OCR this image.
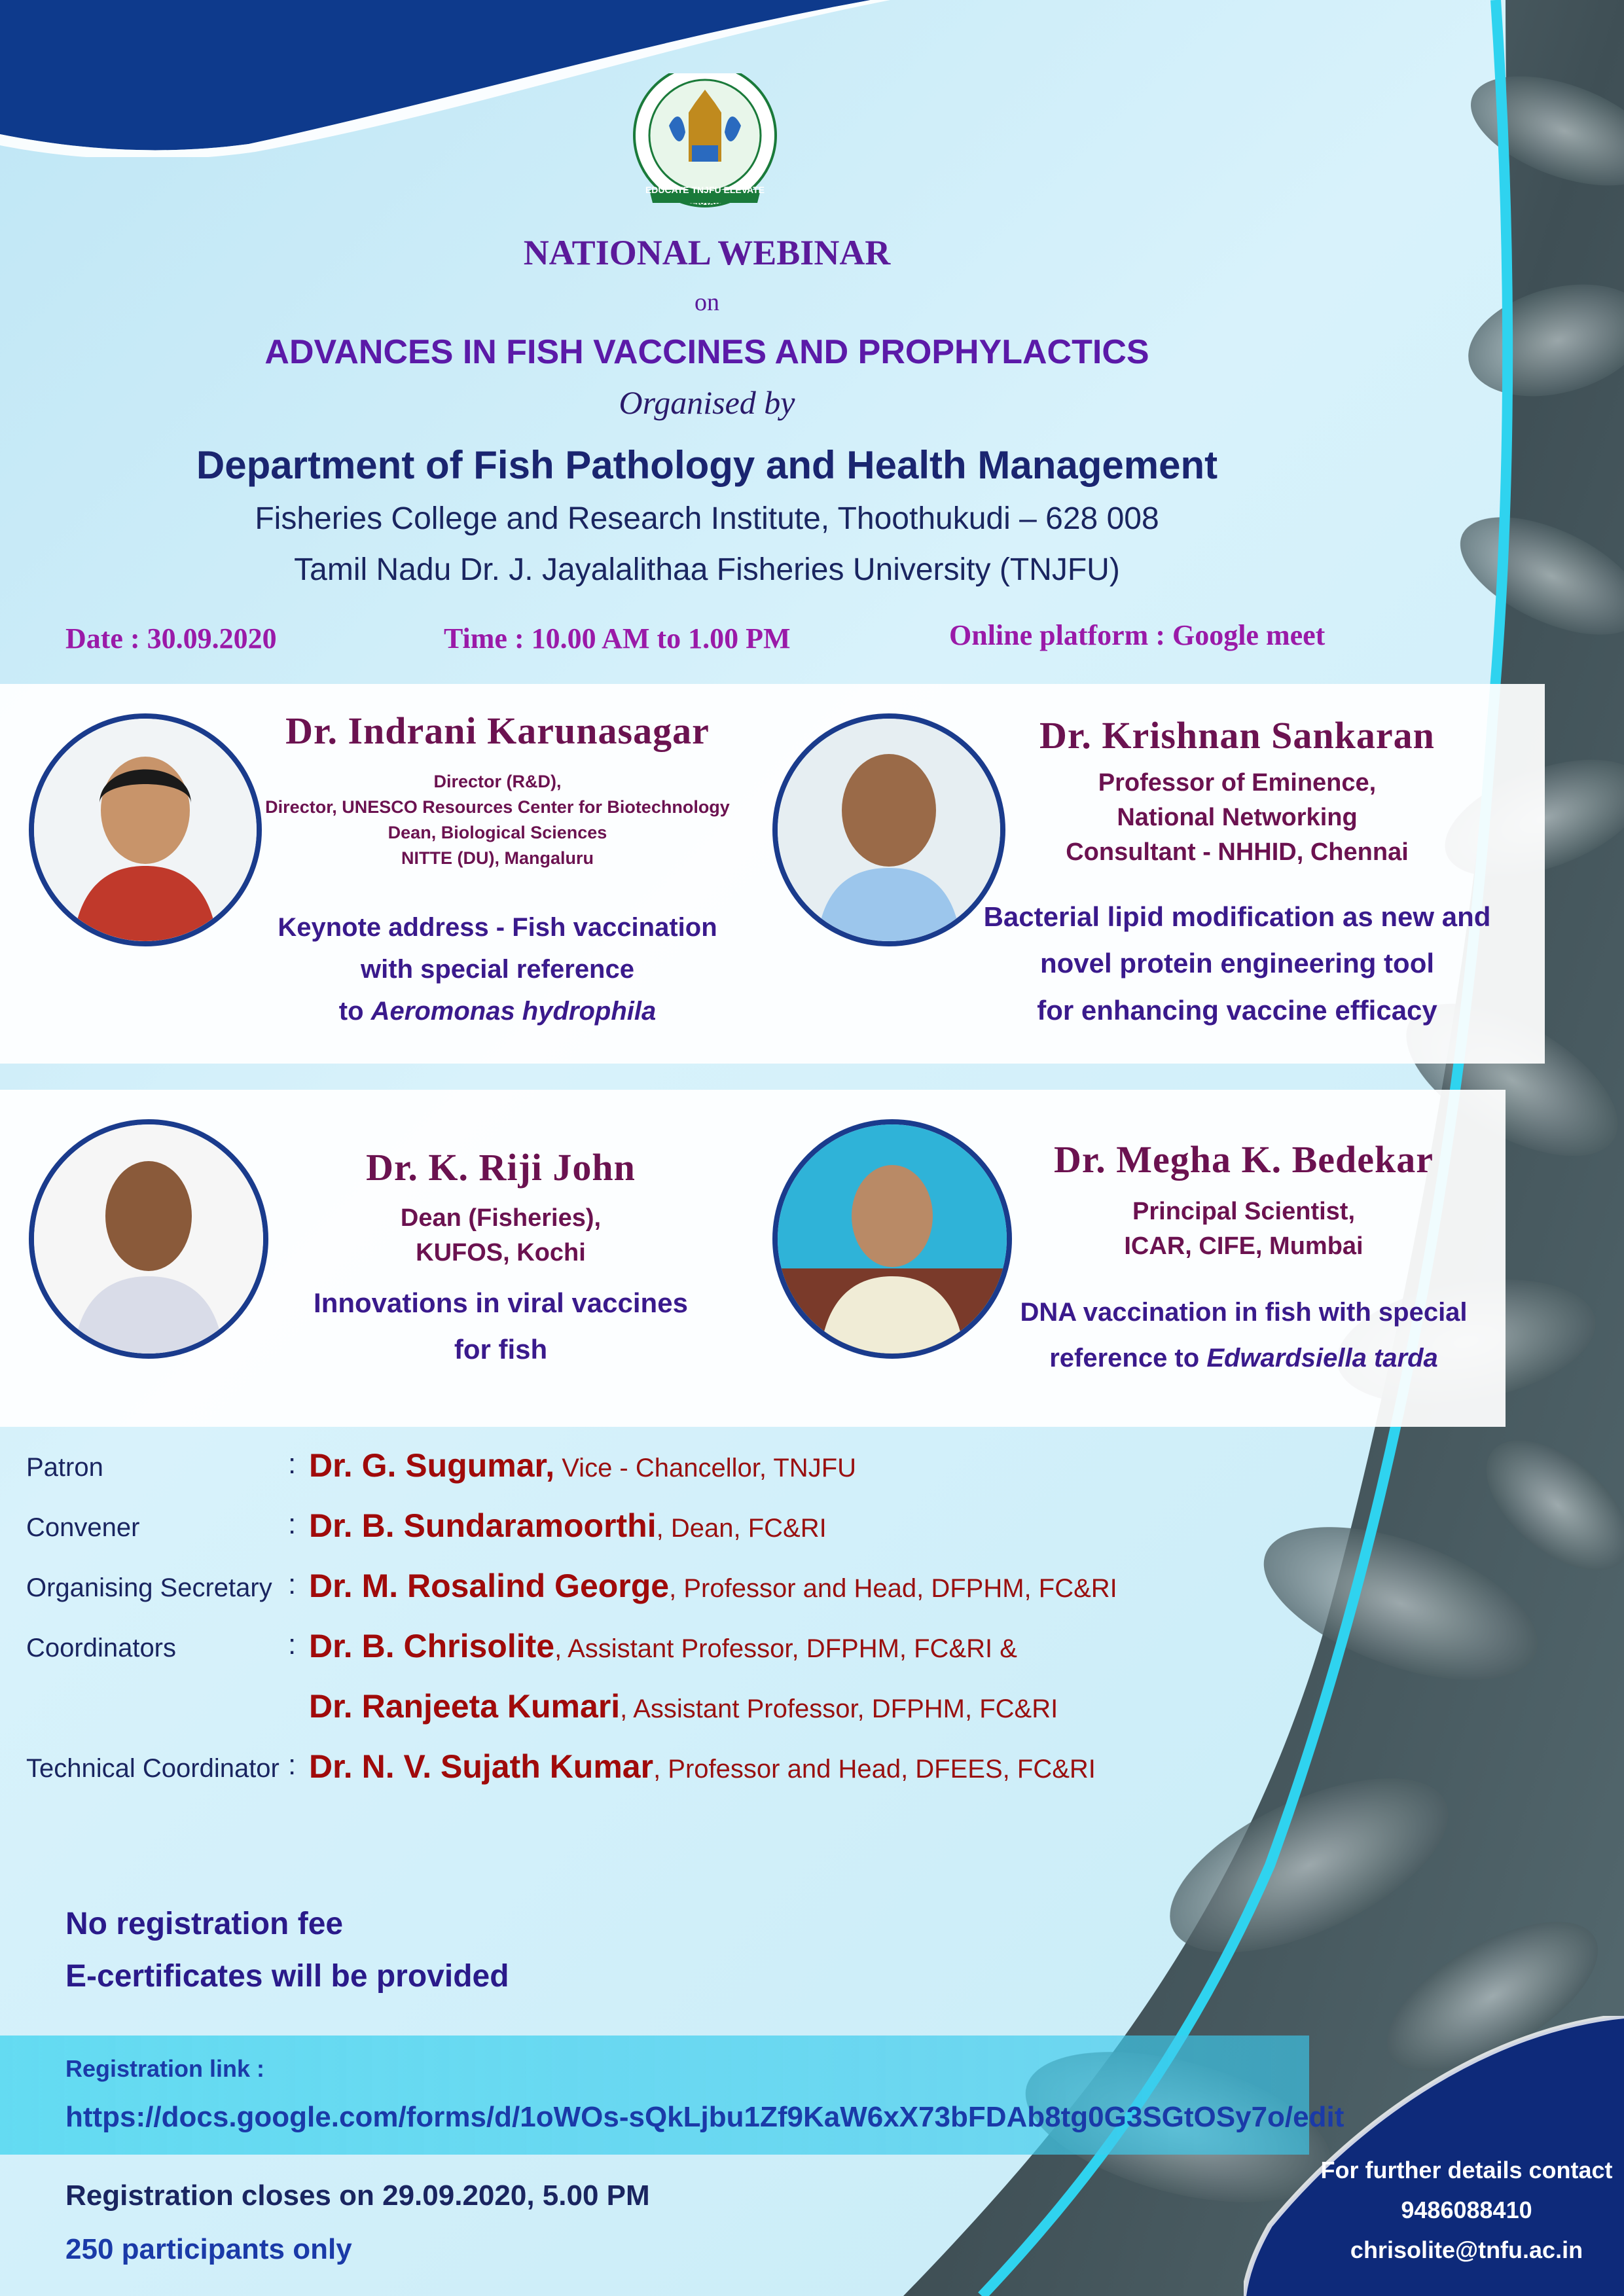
EDUCATE TNJFU ELEVATE
INNOVATE
NATIONAL WEBINAR
on
ADVANCES IN FISH VACCINES AND PROPHYLACTICS
Organised by
Department of Fish Pathology and Health Management
Fisheries College and Research Institute, Thoothukudi – 628 008
Tamil Nadu Dr. J. Jayalalithaa Fisheries University (TNJFU)
Date : 30.09.2020	Time : 10.00 AM to 1.00 PM	Online platform : Google meet
Dr. Indrani Karunasagar
Director (R&D),
Director, UNESCO Resources Center for Biotechnology
Dean, Biological Sciences
NITTE (DU), Mangaluru
Keynote address - Fish vaccination
with special reference
to Aeromonas hydrophila
Dr. Krishnan Sankaran
Professor of Eminence,
National Networking
Consultant - NHHID, Chennai
Bacterial lipid modification as new and
novel protein engineering tool
for enhancing vaccine efficacy
Dr. K. Riji John
Dean (Fisheries),
KUFOS, Kochi
Innovations in viral vaccines
for fish
Dr. Megha K. Bedekar
Principal Scientist,
ICAR, CIFE, Mumbai
DNA vaccination in fish with special
reference to Edwardsiella tarda
Patron	: Dr. G. Sugumar, Vice - Chancellor, TNJFU
Convener	: Dr. B. Sundaramoorthi, Dean, FC&RI
Organising Secretary : Dr. M. Rosalind George, Professor and Head, DFPHM, FC&RI
Coordinators	: Dr. B. Chrisolite, Assistant Professor, DFPHM, FC&RI &
Dr. Ranjeeta Kumari, Assistant Professor, DFPHM, FC&RI
Technical Coordinator : Dr. N. V. Sujath Kumar, Professor and Head, DFEES, FC&RI
No registration fee
E-certificates will be provided
Registration link :
https://docs.google.com/forms/d/1oWOs-sQkLjbu1Zf9KaW6xX73bFDAb8tg0G3SGtOSy7o/edit
Registration closes on 29.09.2020, 5.00 PM
250 participants only
For further details contact
9486088410
chrisolite@tnfu.ac.in
